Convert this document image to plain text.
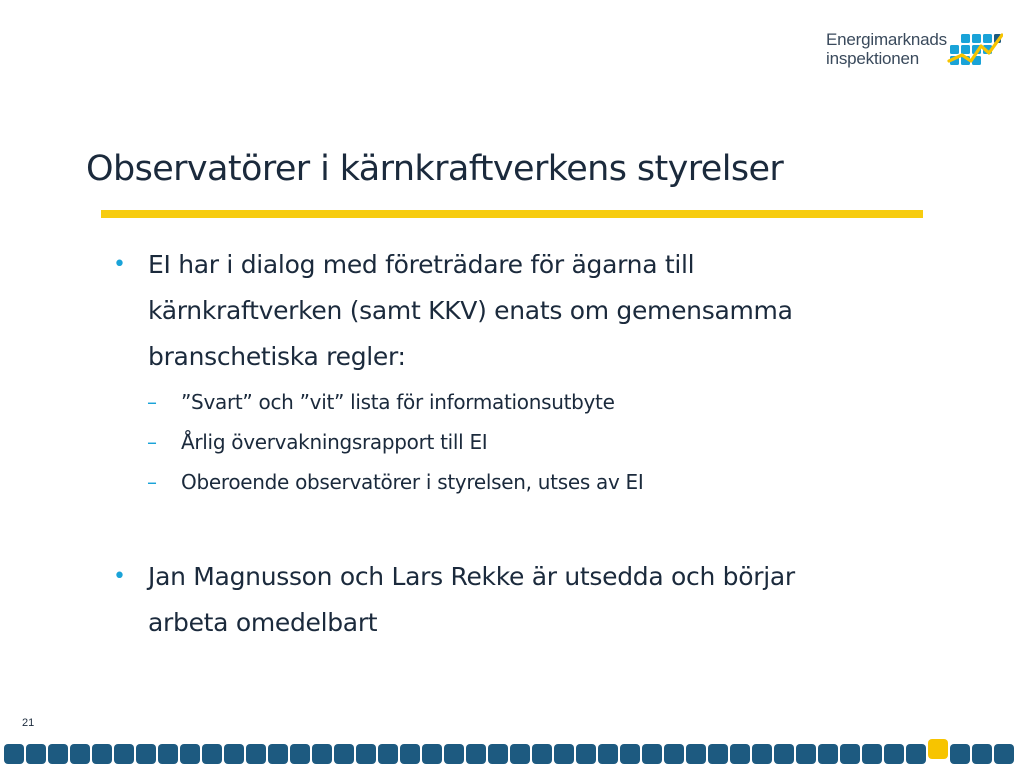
Energimarknads
inspektionen
Observatörer i kärnkraftverkens styrelser
• EI har i dialog med företrädare för ägarna till
kärnkraftverken (samt KKV) enats om gemensamma
branschetiska regler:
– ”Svart” och ”vit” lista för informationsutbyte
– Årlig övervakningsrapport till EI
– Oberoende observatörer i styrelsen, utses av EI
• Jan Magnusson och Lars Rekke är utsedda och börjar
arbeta omedelbart
21
